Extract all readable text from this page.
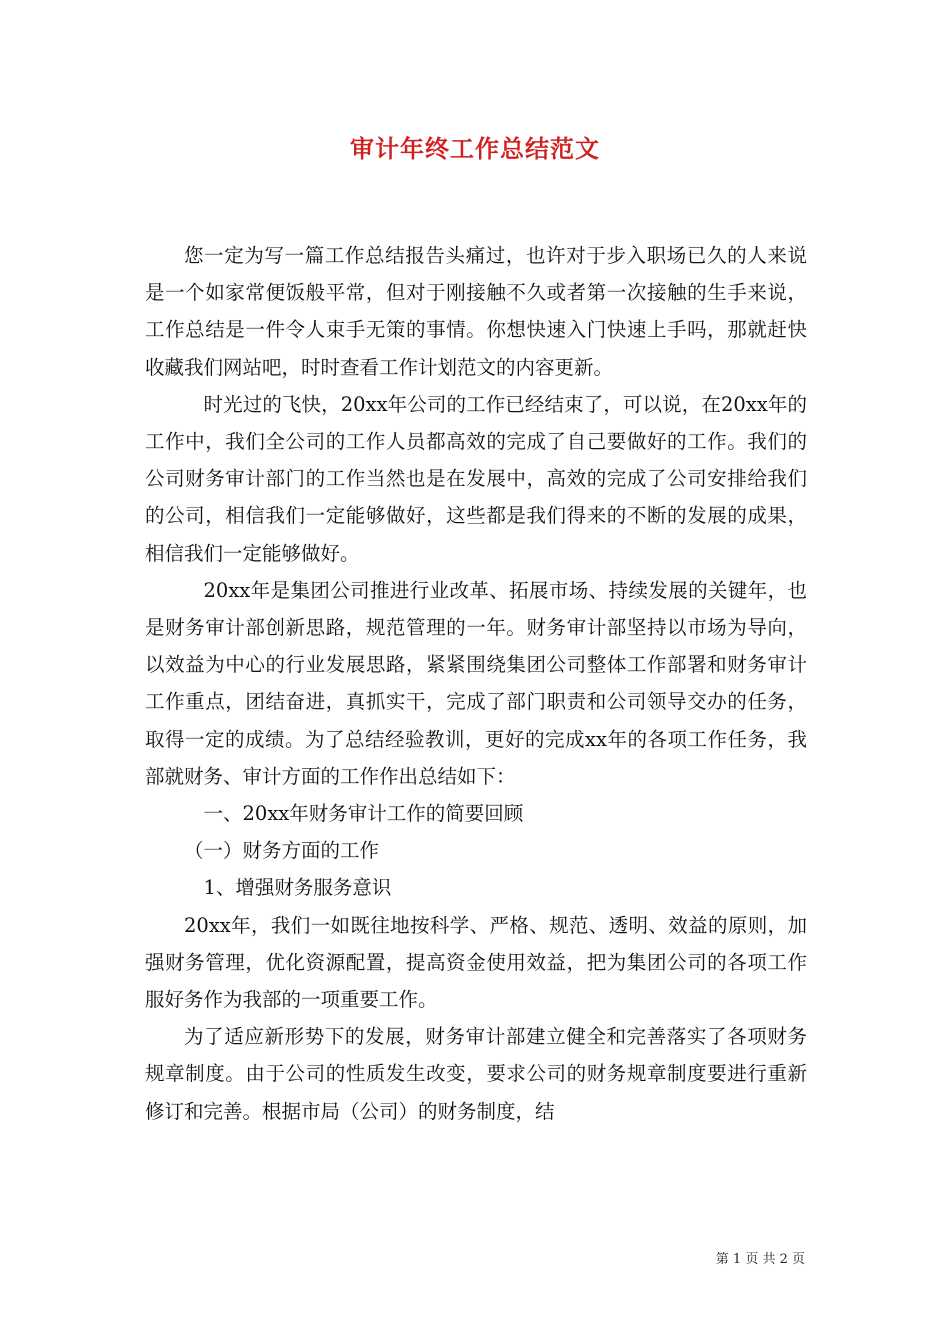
审计年终工作总结范文

您一定为写一篇工作总结报告头痛过，也许对于步入职场已久的人来说是一个如家常便饭般平常，但对于刚接触不久或者第一次接触的生手来说，工作总结是一件令人束手无策的事情。你想快速入门快速上手吗，那就赶快收藏我们网站吧，时时查看工作计划范文的内容更新。

时光过的飞快，20xx年公司的工作已经结束了，可以说，在20xx年的工作中，我们全公司的工作人员都高效的完成了自己要做好的工作。我们的公司财务审计部门的工作当然也是在发展中，高效的完成了公司安排给我们的公司，相信我们一定能够做好，这些都是我们得来的不断的发展的成果，相信我们一定能够做好。

20xx年是集团公司推进行业改革、拓展市场、持续发展的关键年，也是财务审计部创新思路，规范管理的一年。财务审计部坚持以市场为导向，以效益为中心的行业发展思路，紧紧围绕集团公司整体工作部署和财务审计工作重点，团结奋进，真抓实干，完成了部门职责和公司领导交办的任务，取得一定的成绩。为了总结经验教训，更好的完成xx年的各项工作任务，我部就财务、审计方面的工作作出总结如下：

一、20xx年财务审计工作的简要回顾

（一）财务方面的工作

1、增强财务服务意识

20xx年，我们一如既往地按科学、严格、规范、透明、效益的原则，加强财务管理，优化资源配置，提高资金使用效益，把为集团公司的各项工作服好务作为我部的一项重要工作。

为了适应新形势下的发展，财务审计部建立健全和完善落实了各项财务规章制度。由于公司的性质发生改变，要求公司的财务规章制度要进行重新修订和完善。根据市局（公司）的财务制度，结

第 1 页 共 2 页
